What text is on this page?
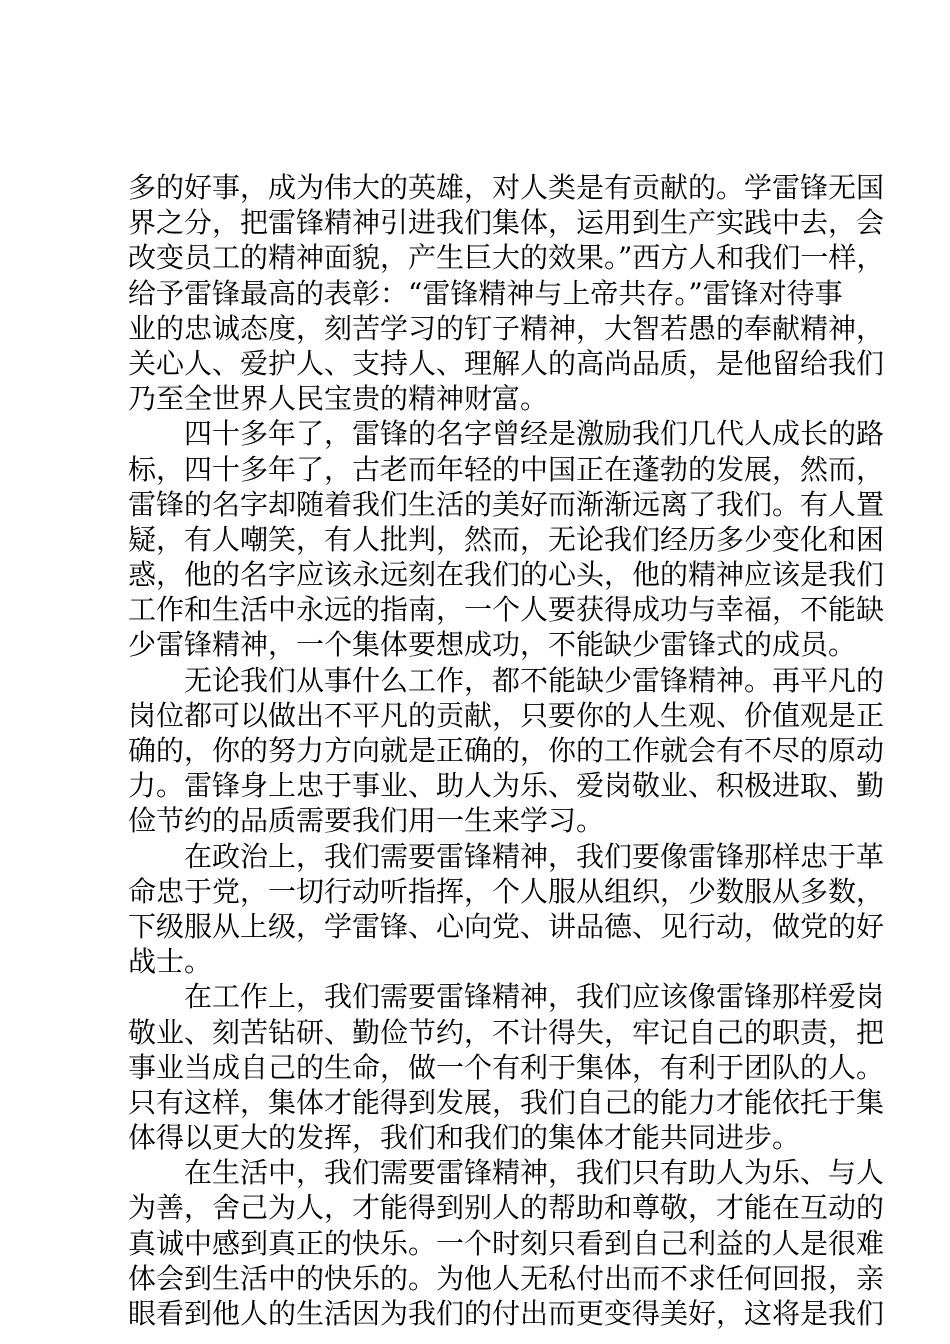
多的好事，成为伟大的英雄，对人类是有贡献的。学雷锋无国
界之分，把雷锋精神引进我们集体，运用到生产实践中去，会
改变员工的精神面貌，产生巨大的效果。”西方人和我们一样，
给予雷锋最高的表彰：“雷锋精神与上帝共存。”雷锋对待事
业的忠诚态度，刻苦学习的钉子精神，大智若愚的奉献精神，
关心人、爱护人、支持人、理解人的高尚品质，是他留给我们
乃至全世界人民宝贵的精神财富。
四十多年了，雷锋的名字曾经是激励我们几代人成长的路
标，四十多年了，古老而年轻的中国正在蓬勃的发展，然而，
雷锋的名字却随着我们生活的美好而渐渐远离了我们。有人置
疑，有人嘲笑，有人批判，然而，无论我们经历多少变化和困
惑，他的名字应该永远刻在我们的心头，他的精神应该是我们
工作和生活中永远的指南，一个人要获得成功与幸福，不能缺
少雷锋精神，一个集体要想成功，不能缺少雷锋式的成员。
无论我们从事什么工作，都不能缺少雷锋精神。再平凡的
岗位都可以做出不平凡的贡献，只要你的人生观、价值观是正
确的，你的努力方向就是正确的，你的工作就会有不尽的原动
力。雷锋身上忠于事业、助人为乐、爱岗敬业、积极进取、勤
俭节约的品质需要我们用一生来学习。
在政治上，我们需要雷锋精神，我们要像雷锋那样忠于革
命忠于党，一切行动听指挥，个人服从组织，少数服从多数，
下级服从上级，学雷锋、心向党、讲品德、见行动，做党的好
战士。
在工作上，我们需要雷锋精神，我们应该像雷锋那样爱岗
敬业、刻苦钻研、勤俭节约，不计得失，牢记自己的职责，把
事业当成自己的生命，做一个有利于集体，有利于团队的人。
只有这样，集体才能得到发展，我们自己的能力才能依托于集
体得以更大的发挥，我们和我们的集体才能共同进步。
在生活中，我们需要雷锋精神，我们只有助人为乐、与人
为善，舍己为人，才能得到别人的帮助和尊敬，才能在互动的
真诚中感到真正的快乐。一个时刻只看到自己利益的人是很难
体会到生活中的快乐的。为他人无私付出而不求任何回报，亲
眼看到他人的生活因为我们的付出而更变得美好，这将是我们
